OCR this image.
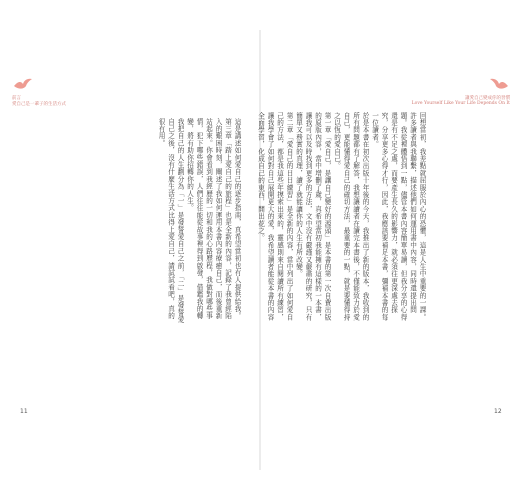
前言
愛自己是一輩子的生活方式
讓愛自己變成你的習慣
Love Yourself Like Your Life Depends On It

這是講述如何愛自己的逐步指南，真希望當初也有人提供給我。

第三章「踏上愛自己的旅程」也是全新的內容，記錄了我曾經陷入的艱困時刻，闡述了我如何運用本書內容療癒自己，而後重新站起來。你會看到我經歷的一切和我的心路歷程，我做對哪些事情，犯下哪些錯誤，人們往往能從故事裡得到啟發，借鑑我的轉變，將有助你招轉你的人生。

我把自己的人生劃分為「一」是發誓愛自己之前，「二」是發誓愛自己之後，沒有什麼生活方式比得上愛自己，請試試看吧，真的很有用。	回想當初，我差點就屈服於內心的恐懼，這是人生中重要的一課。

許多讀者與我聯繫，描述他們如何運用書中內容，同時還提出問題。我從裡體悟到一點，儘管本書內容簡單易讀，但我分享的心得還是有不足之處，而要產生長久的影響力，就必須往更深處去探究，分享更多心得才行，因此，我應該要補足本書，彌補本書的每一位讀者。

於是本書在初次出版十年後的今天，我推出了新的版本，我收到的所有問題都有了解答，我想讓讀者在讀完本書後，不僅能致力於愛自己，更能懂得愛自己的確切方法，最重要的一點，就是要懂得持之以恆的愛自己。

第一章「愛自己，是讓自己變好的源頭」是本書的第一次自費出版的原版內容，當中增刪了歲，真希望當初我能擁有這樣的一本書，讓我可以及時找到更多的方法，文中沒有嚴謹又嚴肅的研究，只有簡單又務實的真理，讀了就能讓你的人生有所改變。

第二章「愛自己的日日練習」是全新的內容，當中列出了如何愛自己的方法，都是我這些年摸索出來的，靈感則來自閱讀所有練習，讓我學會了如何對自己展開更大的愛，我希望讀者能從本書的內容全面學習，化成自己的東西，開出花之。

11	12
